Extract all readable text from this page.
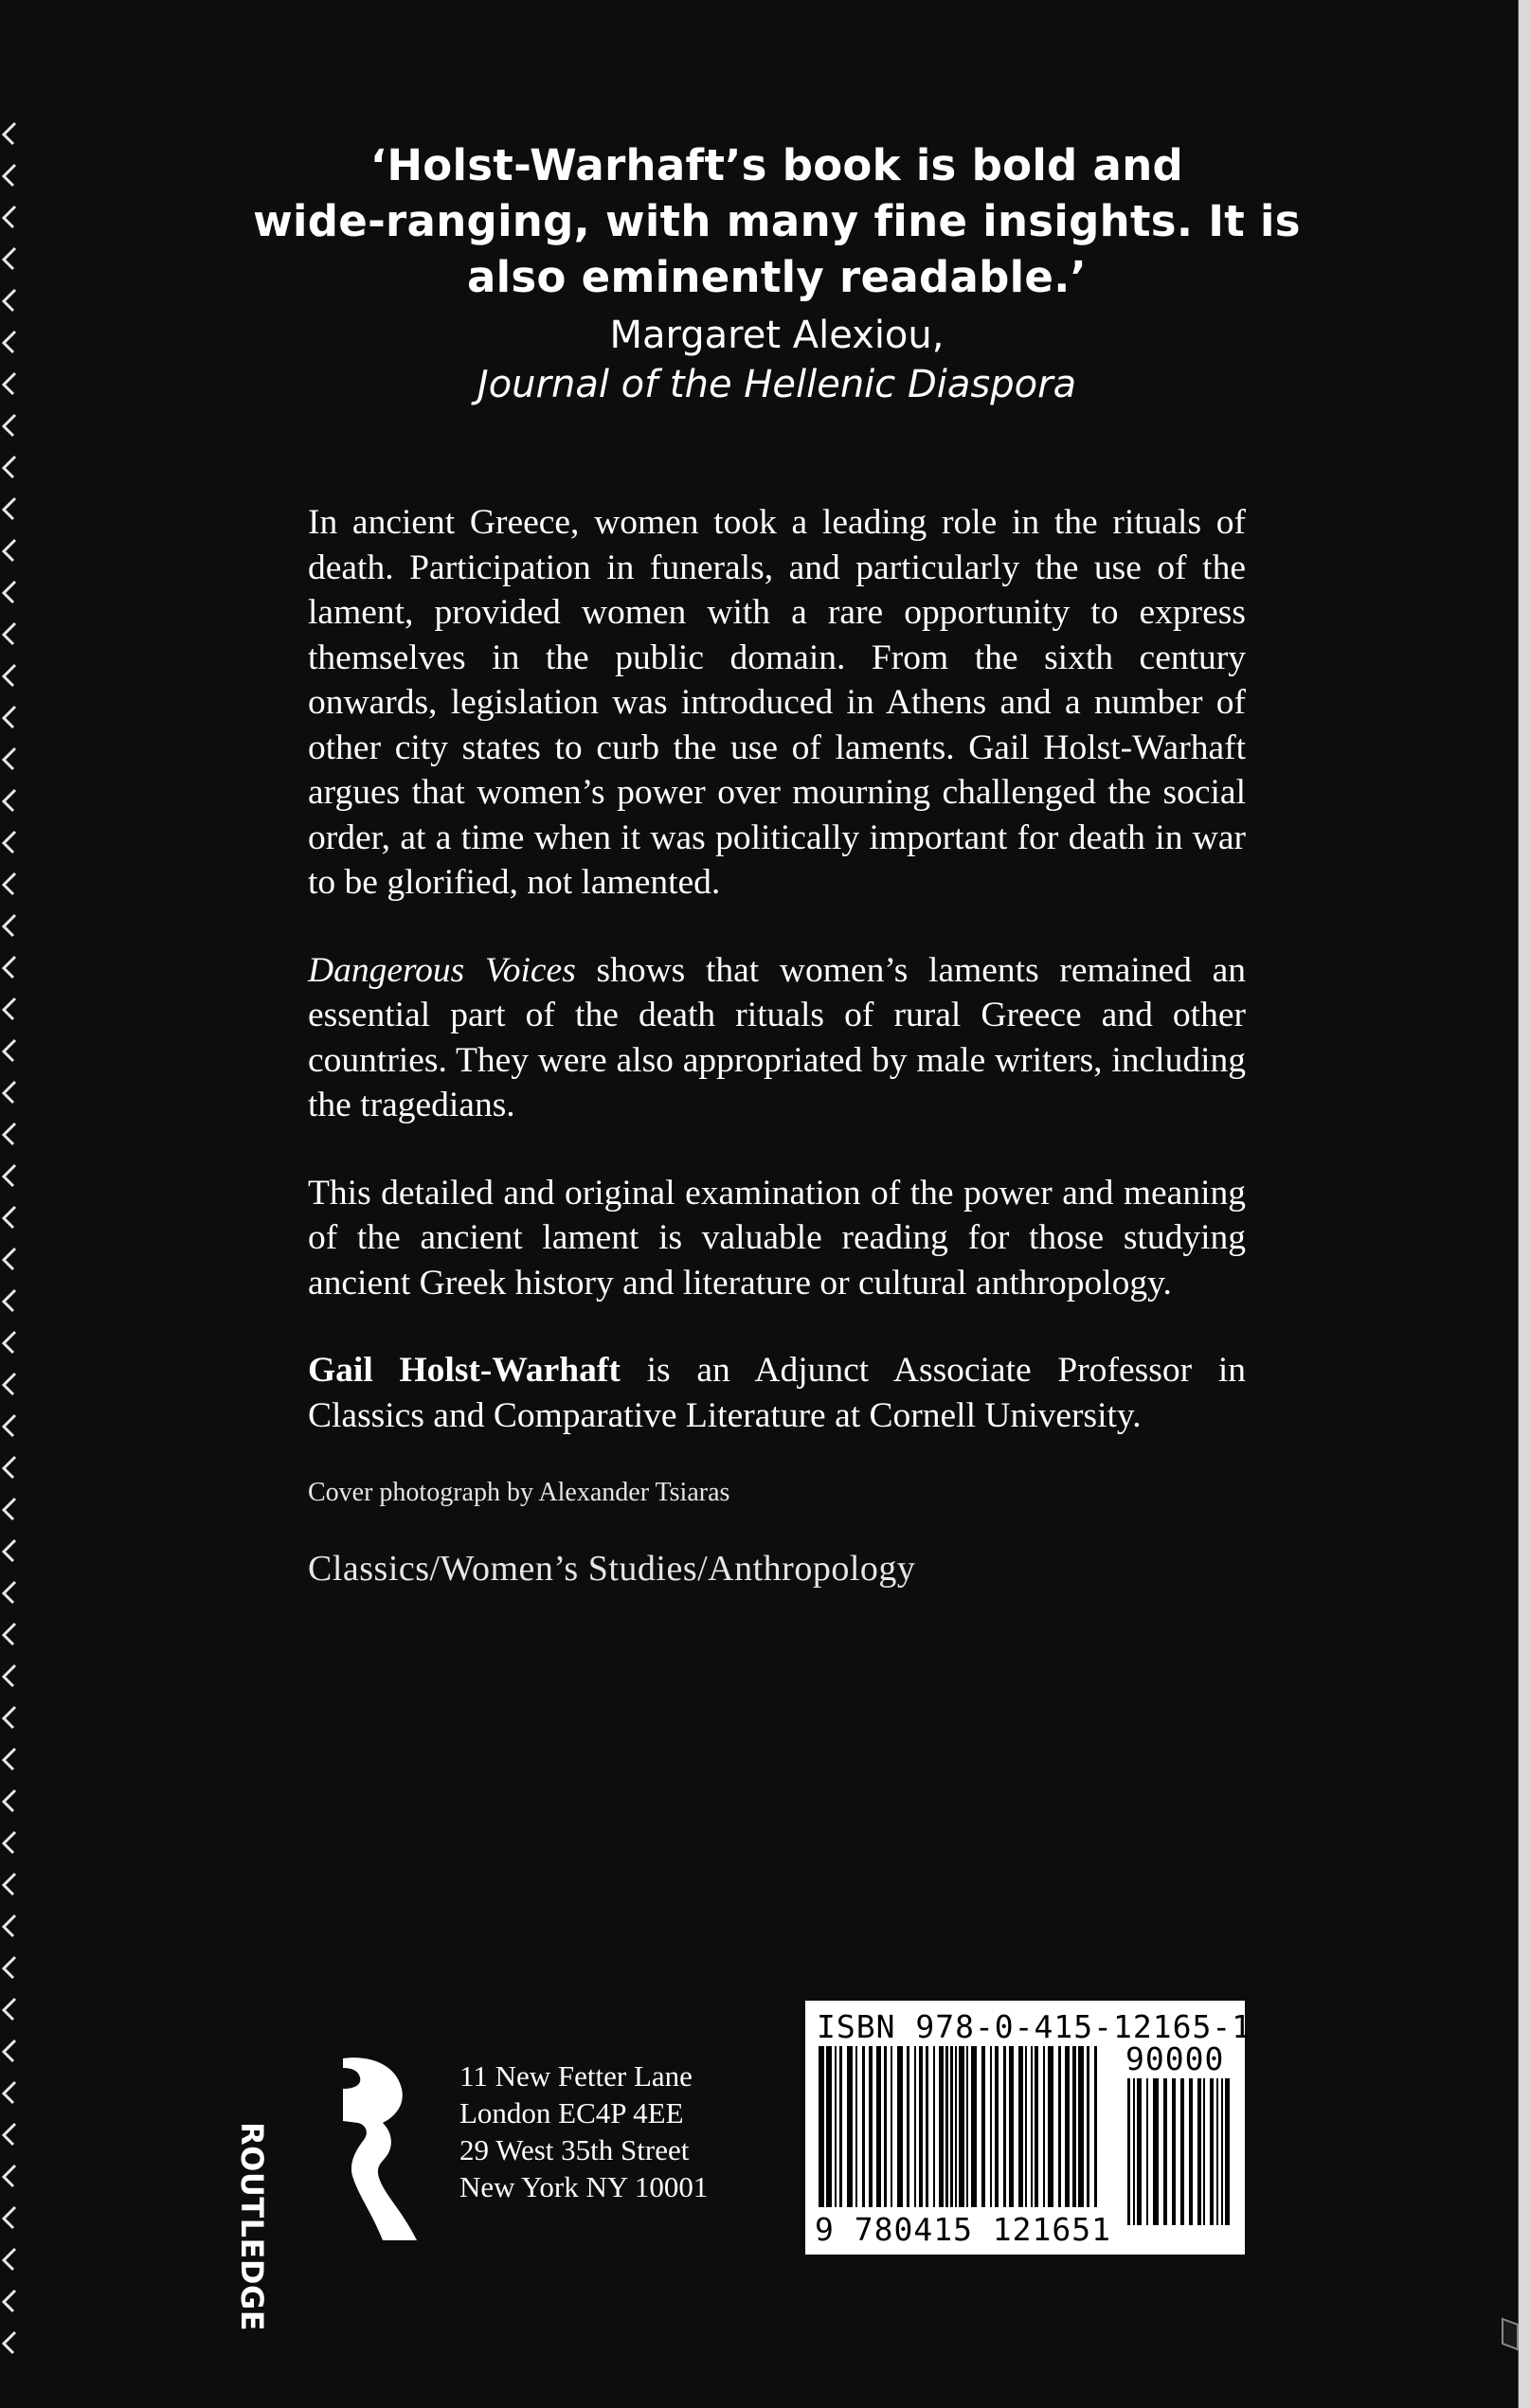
‘Holst-Warhaft’s book is bold and
wide-ranging, with many fine insights. It is
also eminently readable.’

Margaret Alexiou,

Journal of the Hellenic Diaspora

In ancient Greece, women took a leading role in the rituals of death. Participation in funerals, and particularly the use of the lament, provided women with a rare opportunity to express themselves in the public domain. From the sixth century onwards, legislation was introduced in Athens and a number of other city states to curb the use of laments. Gail Holst-Warhaft argues that women’s power over mourning challenged the social order, at a time when it was politically important for death in war to be glorified, not lamented.

Dangerous Voices shows that women’s laments remained an essential part of the death rituals of rural Greece and other countries. They were also appropriated by male writers, including the tragedians.

This detailed and original examination of the power and meaning of the ancient lament is valuable reading for those studying ancient Greek history and literature or cultural anthropology.

Gail Holst-Warhaft is an Adjunct Associate Professor in Classics and Comparative Literature at Cornell University.

Cover photograph by Alexander Tsiaras
Classics/Women’s Studies/Anthropology
ROUTLEDGE
11 New Fetter Lane
London EC4P 4EE
29 West 35th Street
New York NY 10001
ISBN 978-0-415-12165-1
90000
9 780415 121651
